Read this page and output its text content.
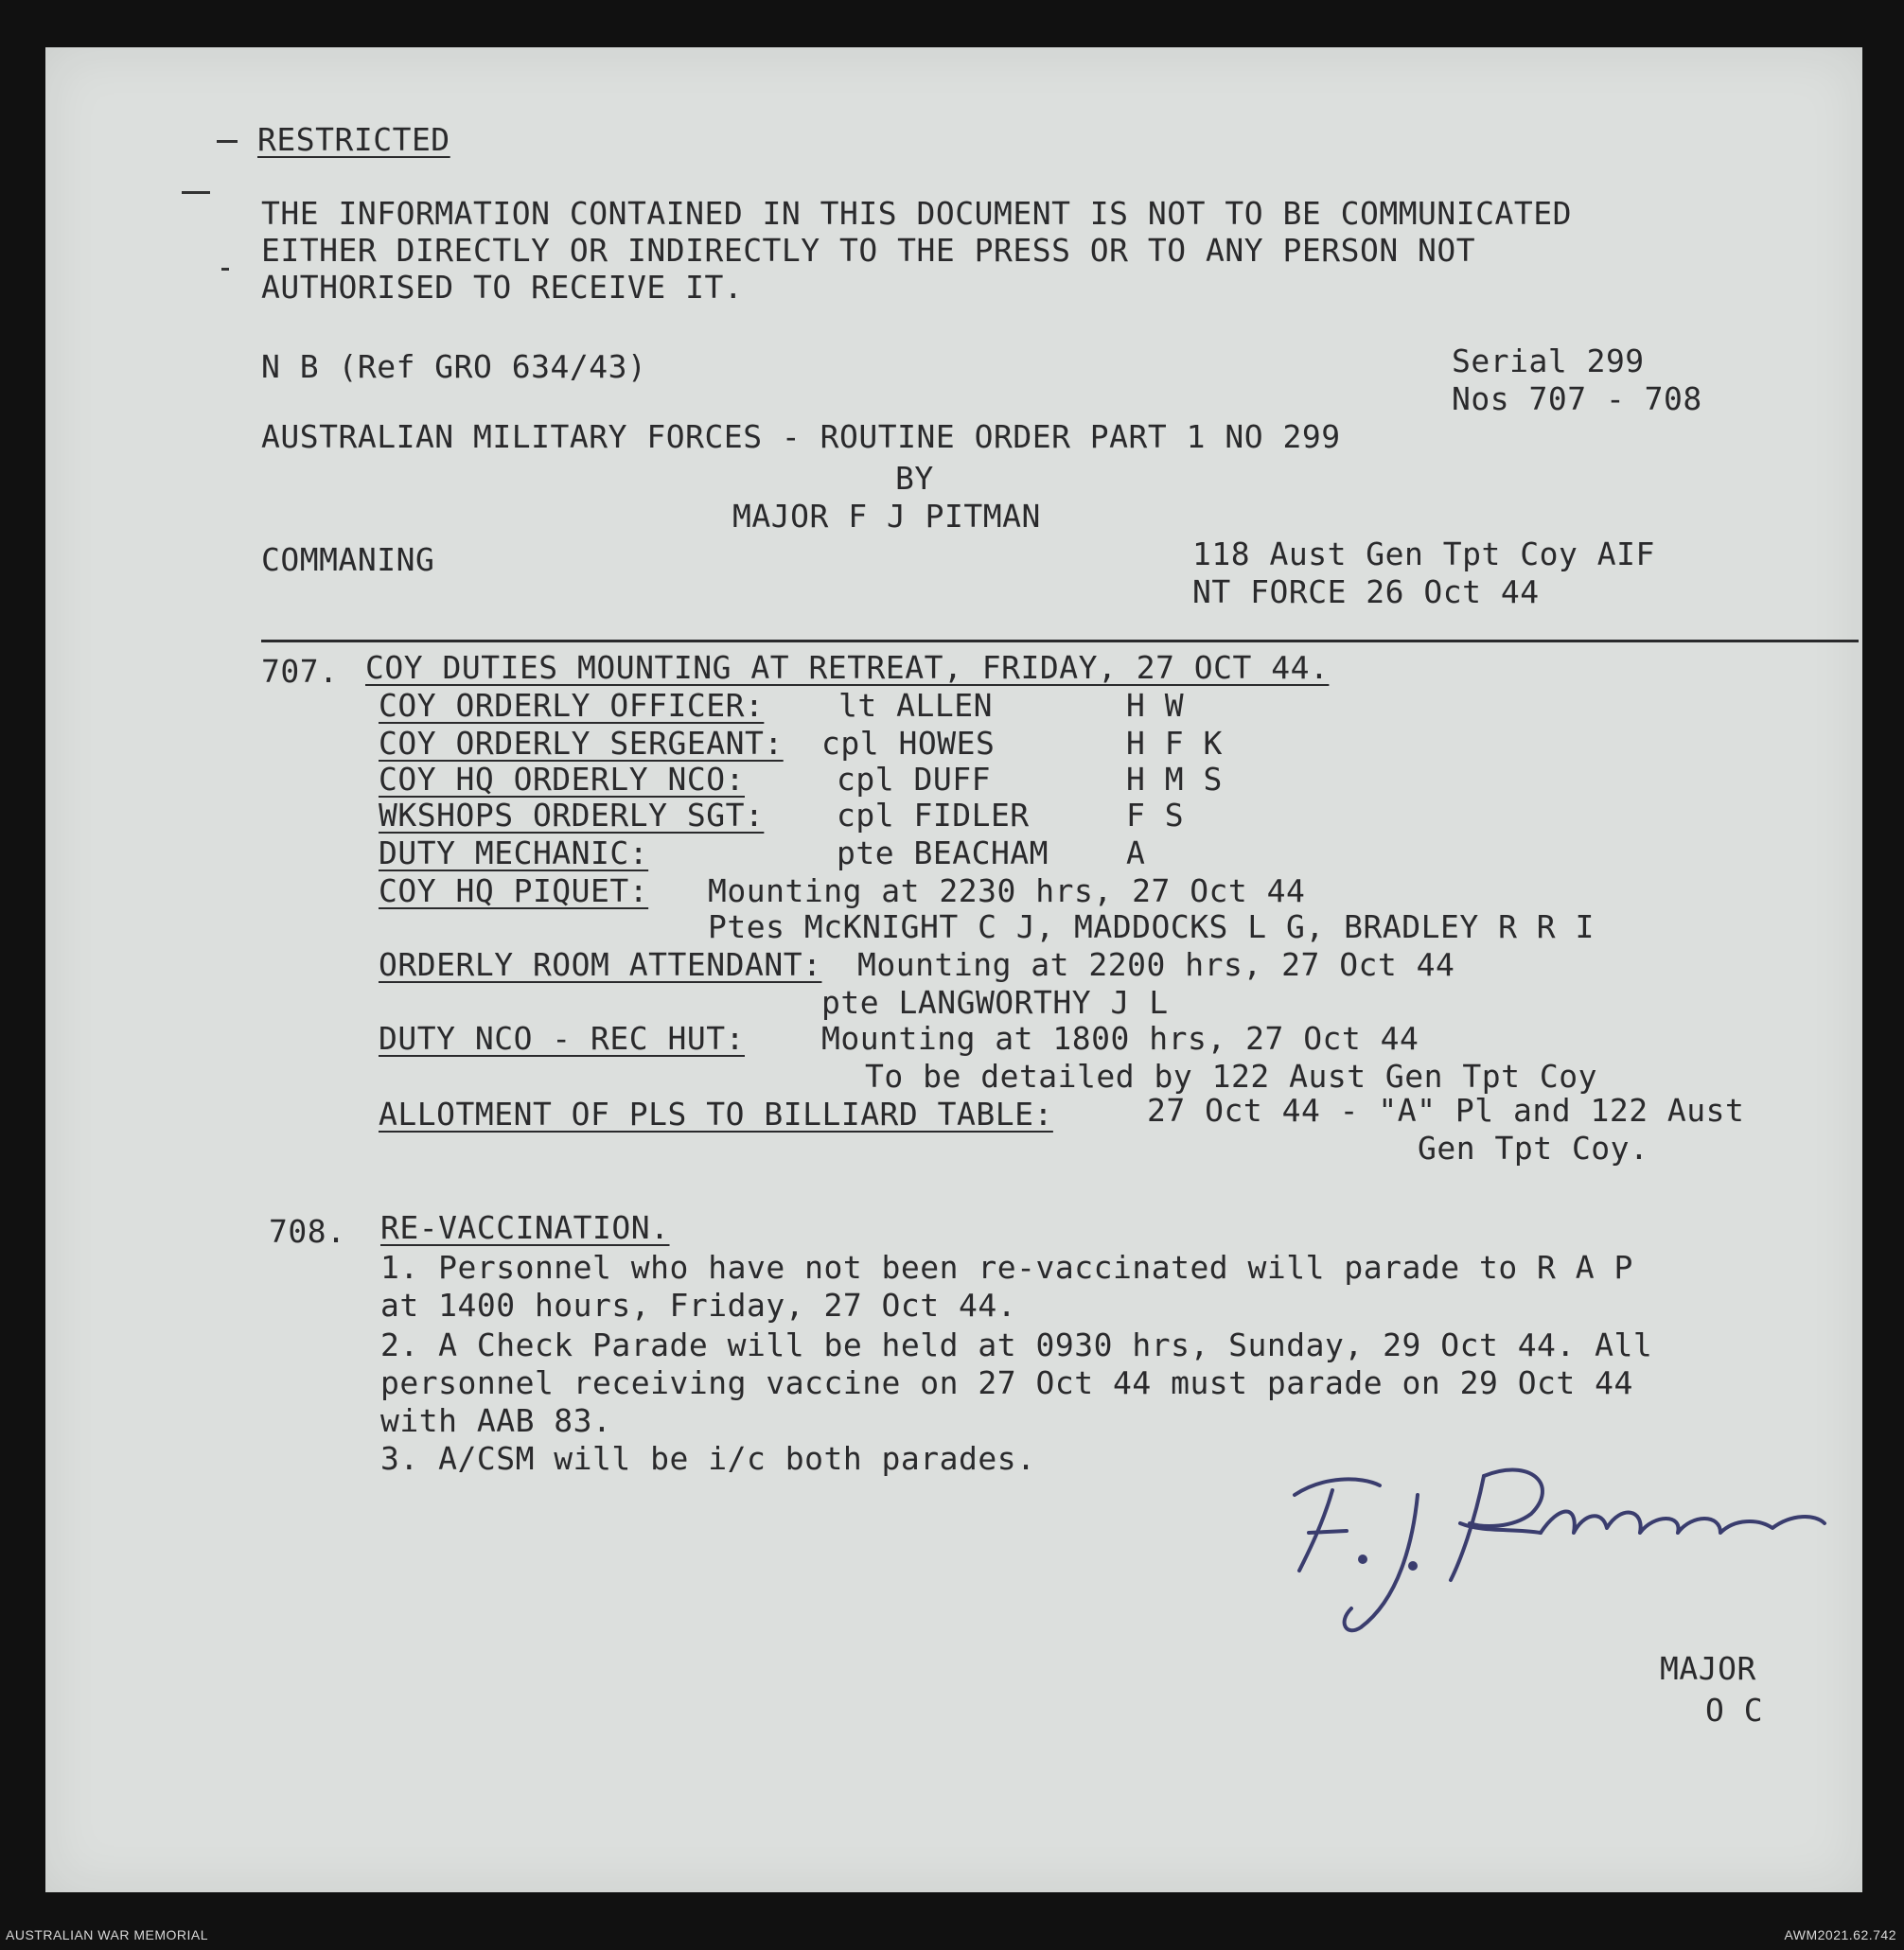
RESTRICTED
THE INFORMATION CONTAINED IN THIS DOCUMENT IS NOT TO BE COMMUNICATED
EITHER DIRECTLY OR INDIRECTLY TO THE PRESS OR TO ANY PERSON NOT
AUTHORISED TO RECEIVE IT.
N B (Ref GRO 634/43)	Serial 299
Nos 707 - 708
AUSTRALIAN MILITARY FORCES - ROUTINE ORDER PART 1 NO 299
BY
MAJOR F J PITMAN
COMMANING	118 Aust Gen Tpt Coy AIF
NT FORCE 26 Oct 44
707. COY DUTIES MOUNTING AT RETREAT, FRIDAY, 27 OCT 44.
COY ORDERLY OFFICER: lt ALLEN	H W
COY ORDERLY SERGEANT: cpl HOWES	H F K
COY HQ ORDERLY NCO:	cpl DUFF	H M S
WKSHOPS ORDERLY SGT: cpl FIDLER	F S
DUTY MECHANIC:	pte BEACHAM A
COY HQ PIQUET: Mounting at 2230 hrs, 27 Oct 44
Ptes McKNIGHT C J, MADDOCKS L G, BRADLEY R R I
ORDERLY ROOM ATTENDANT: Mounting at 2200 hrs, 27 Oct 44
pte LANGWORTHY J L
DUTY NCO - REC HUT: Mounting at 1800 hrs, 27 Oct 44
To be detailed by 122 Aust Gen Tpt Coy
ALLOTMENT OF PLS TO BILLIARD TABLE:	27 Oct 44 - "A" Pl and 122 Aust
Gen Tpt Coy.
708. RE-VACCINATION.
1. Personnel who have not been re-vaccinated will parade to R A P
at 1400 hours, Friday, 27 Oct 44.
2. A Check Parade will be held at 0930 hrs, Sunday, 29 Oct 44. All
personnel receiving vaccine on 27 Oct 44 must parade on 29 Oct 44
with AAB 83.
3. A/CSM will be i/c both parades.
MAJOR
O C
AUSTRALIAN WAR MEMORIAL	AWM2021.62.742
